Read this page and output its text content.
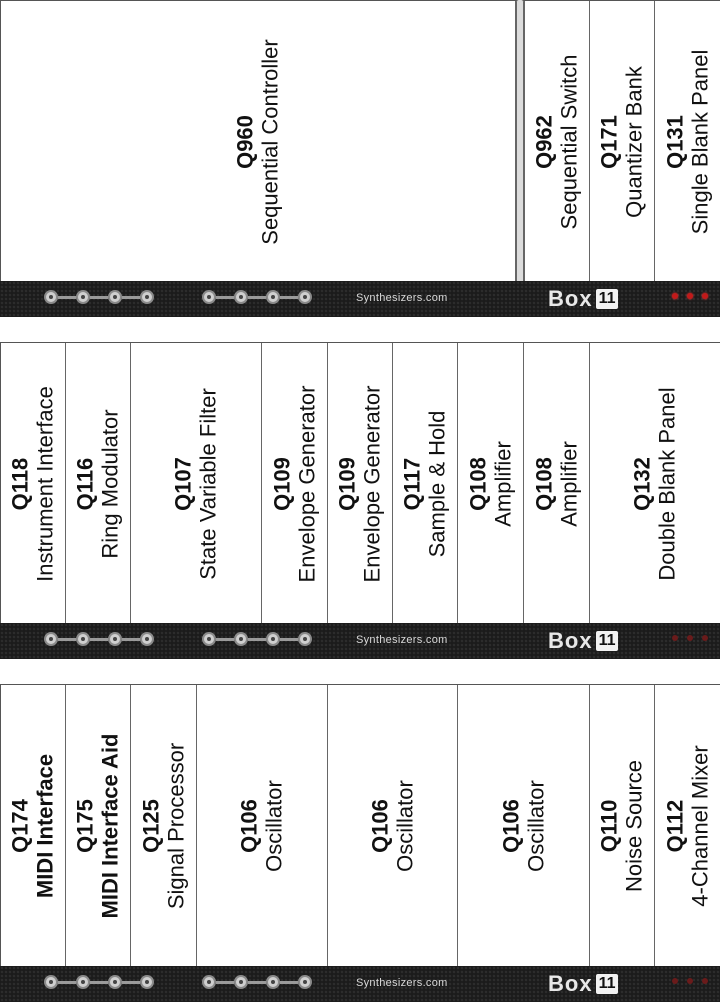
Q960 Sequential Controller	Q962 Sequential Switch Q171 Quantizer Bank Q131 Single Blank Panel
Synthesizers.com	Box 11
Q118 Instrument Interface Q116 Ring Modulator Q107 State Variable Filter Q109 Envelope Generator Q109 Envelope Generator Q117 Sample & Hold Q108 Amplifier Q108 Amplifier Q132 Double Blank Panel
Synthesizers.com	Box 11
Q174 MIDI Interface Q175 MIDI Interface Aid Q125 Signal Processor Q106 Oscillator	Q106 Oscillator	Q106 Oscillator Q110 Noise Source Q112 4-Channel Mixer
Synthesizers.com	Box 11
